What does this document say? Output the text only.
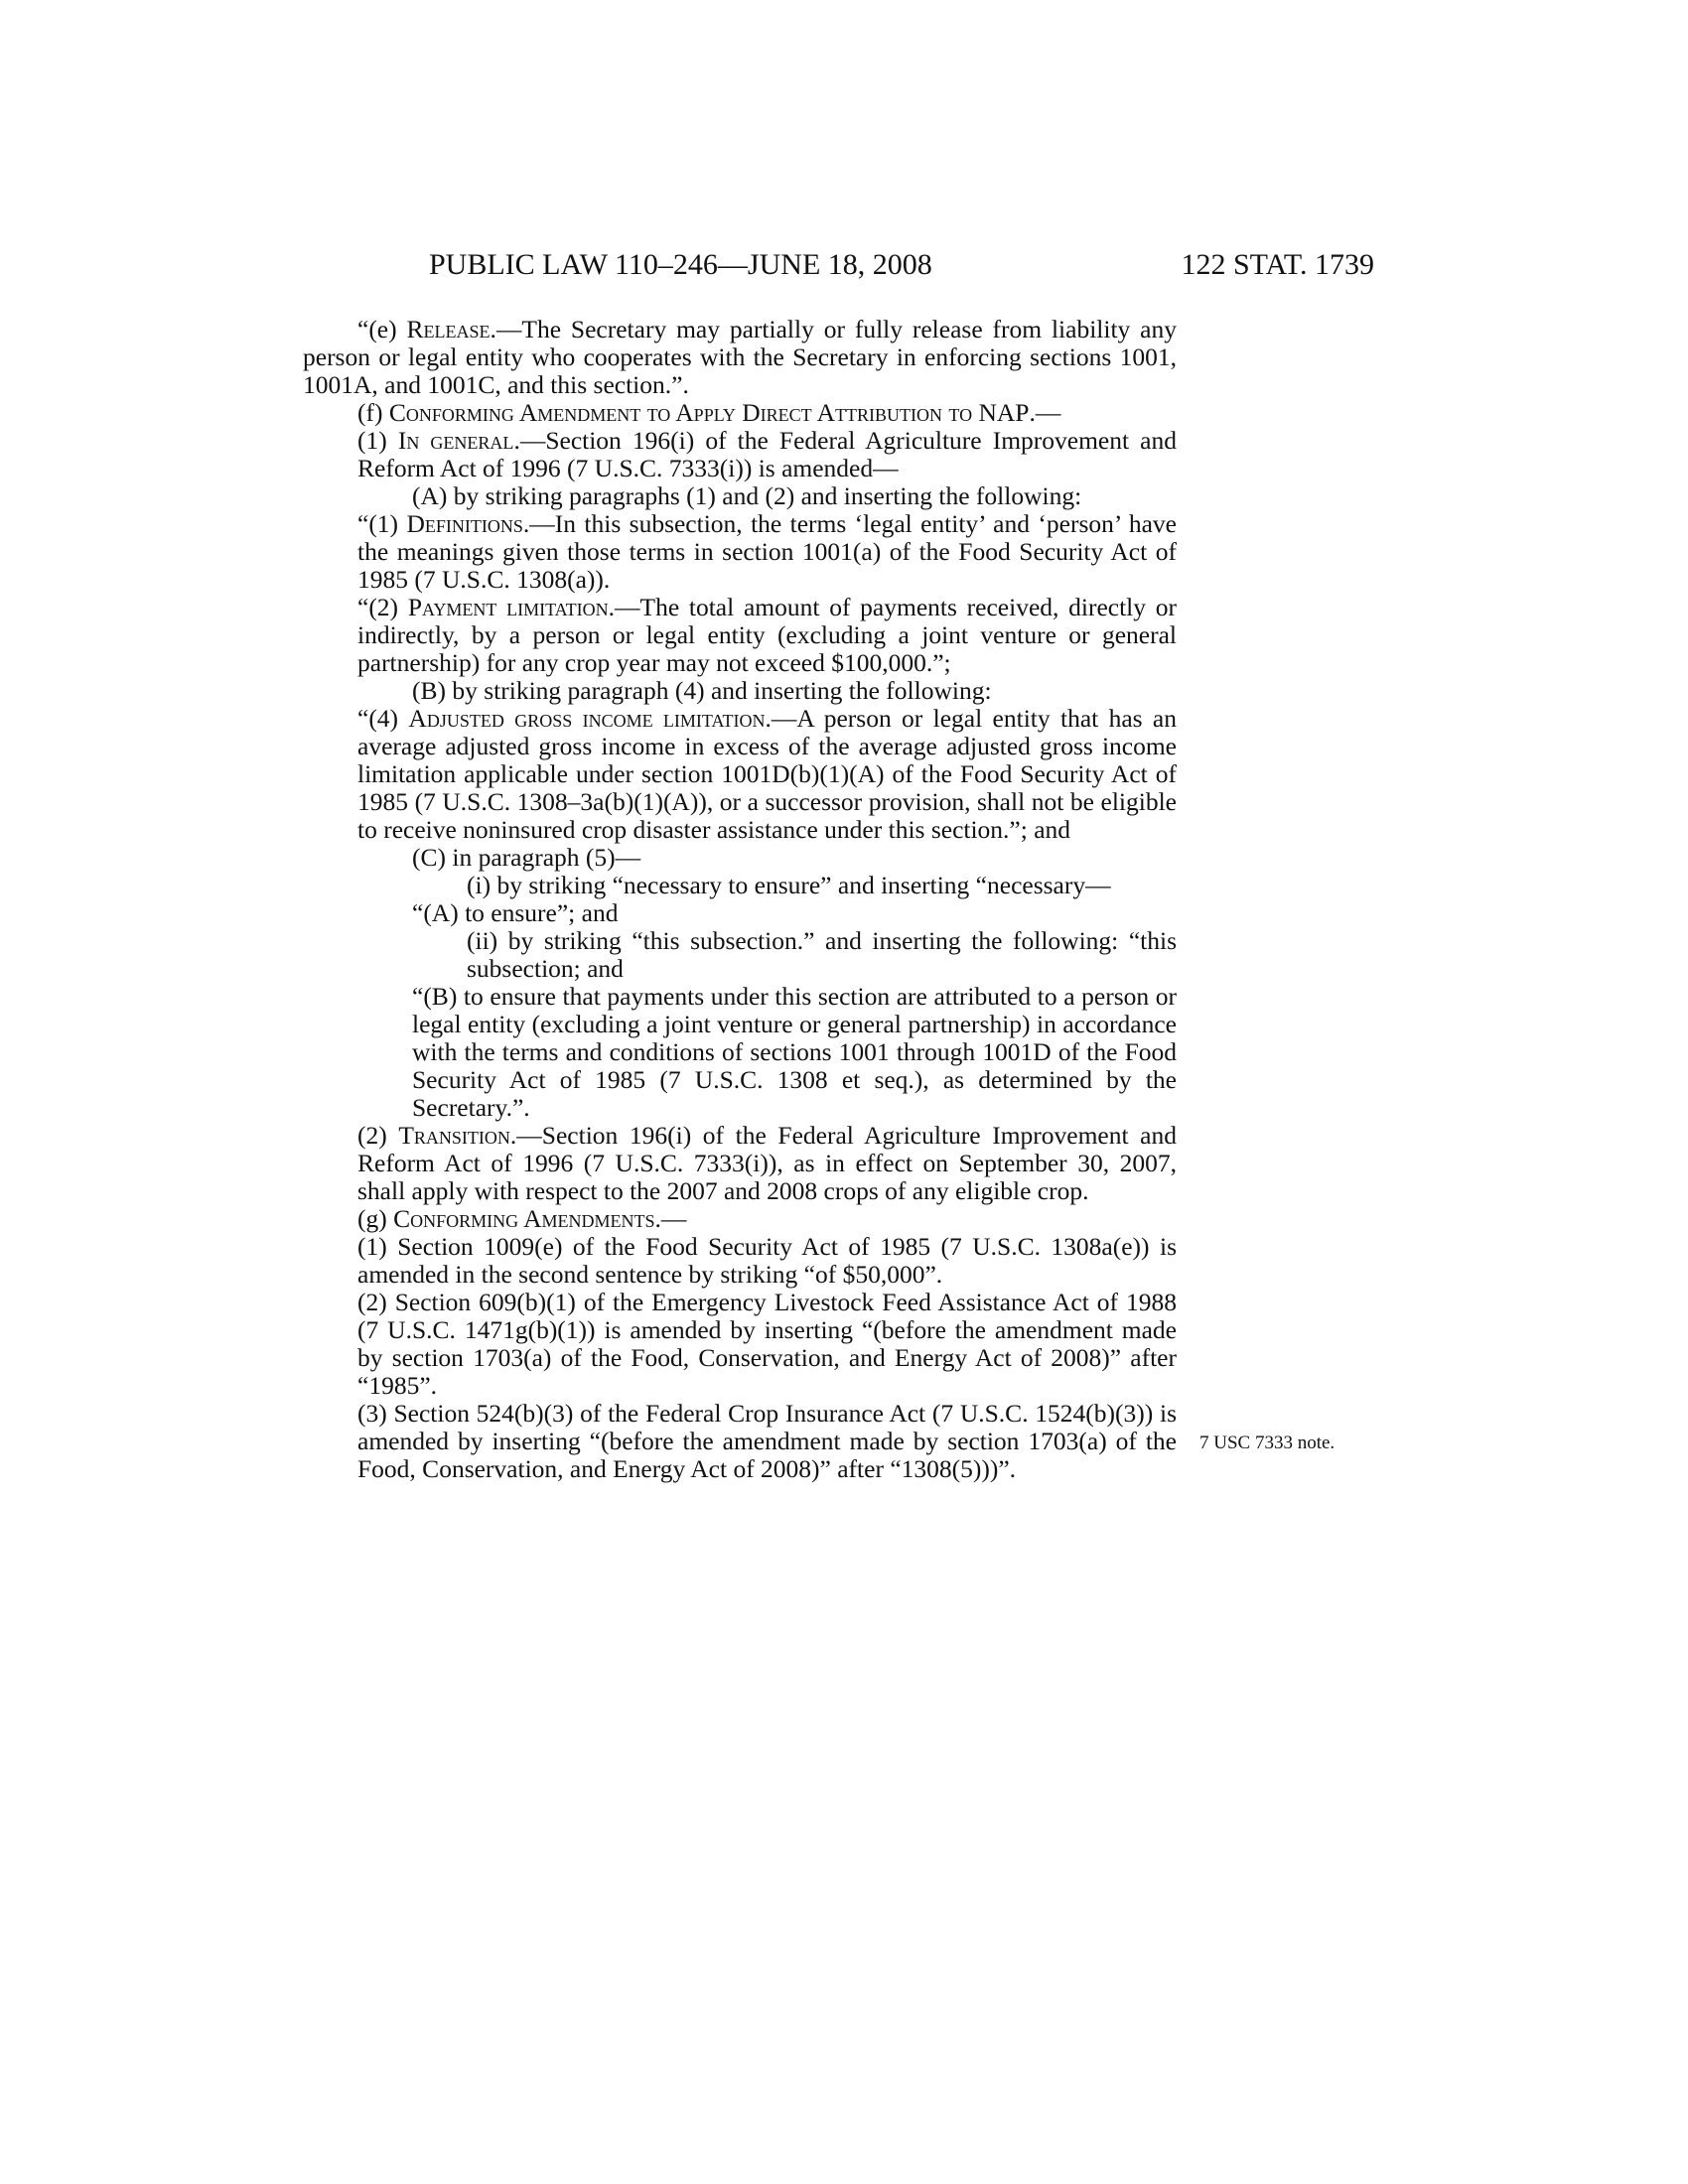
PUBLIC LAW 110–246—JUNE 18, 2008	122 STAT. 1739

“(e) Release.—The Secretary may partially or fully release from liability any person or legal entity who cooperates with the Secretary in enforcing sections 1001, 1001A, and 1001C, and this section.”.

(f) Conforming Amendment to Apply Direct Attribution to NAP.—

(1) In general.—Section 196(i) of the Federal Agriculture Improvement and Reform Act of 1996 (7 U.S.C. 7333(i)) is amended—

(A) by striking paragraphs (1) and (2) and inserting the following:

“(1) Definitions.—In this subsection, the terms ‘legal entity’ and ‘person’ have the meanings given those terms in section 1001(a) of the Food Security Act of 1985 (7 U.S.C. 1308(a)).

“(2) Payment limitation.—The total amount of payments received, directly or indirectly, by a person or legal entity (excluding a joint venture or general partnership) for any crop year may not exceed $100,000.”;

(B) by striking paragraph (4) and inserting the following:

“(4) Adjusted gross income limitation.—A person or legal entity that has an average adjusted gross income in excess of the average adjusted gross income limitation applicable under section 1001D(b)(1)(A) of the Food Security Act of 1985 (7 U.S.C. 1308–3a(b)(1)(A)), or a successor provision, shall not be eligible to receive noninsured crop disaster assistance under this section.”; and

(C) in paragraph (5)—

(i) by striking “necessary to ensure” and inserting “necessary—

“(A) to ensure”; and

(ii) by striking “this subsection.” and inserting the following: “this subsection; and

“(B) to ensure that payments under this section are attributed to a person or legal entity (excluding a joint venture or general partnership) in accordance with the terms and conditions of sections 1001 through 1001D of the Food Security Act of 1985 (7 U.S.C. 1308 et seq.), as determined by the Secretary.”.

(2) Transition.—Section 196(i) of the Federal Agriculture Improvement and Reform Act of 1996 (7 U.S.C. 7333(i)), as in effect on September 30, 2007, shall apply with respect to the 2007 and 2008 crops of any eligible crop.

(g) Conforming Amendments.—

(1) Section 1009(e) of the Food Security Act of 1985 (7 U.S.C. 1308a(e)) is amended in the second sentence by striking “of $50,000”.

(2) Section 609(b)(1) of the Emergency Livestock Feed Assistance Act of 1988 (7 U.S.C. 1471g(b)(1)) is amended by inserting “(before the amendment made by section 1703(a) of the Food, Conservation, and Energy Act of 2008)” after “1985”.

(3) Section 524(b)(3) of the Federal Crop Insurance Act (7 U.S.C. 1524(b)(3)) is amended by inserting “(before the amendment made by section 1703(a) of the Food, Conservation, and Energy Act of 2008)” after “1308(5)))”.

7 USC 7333 note.
